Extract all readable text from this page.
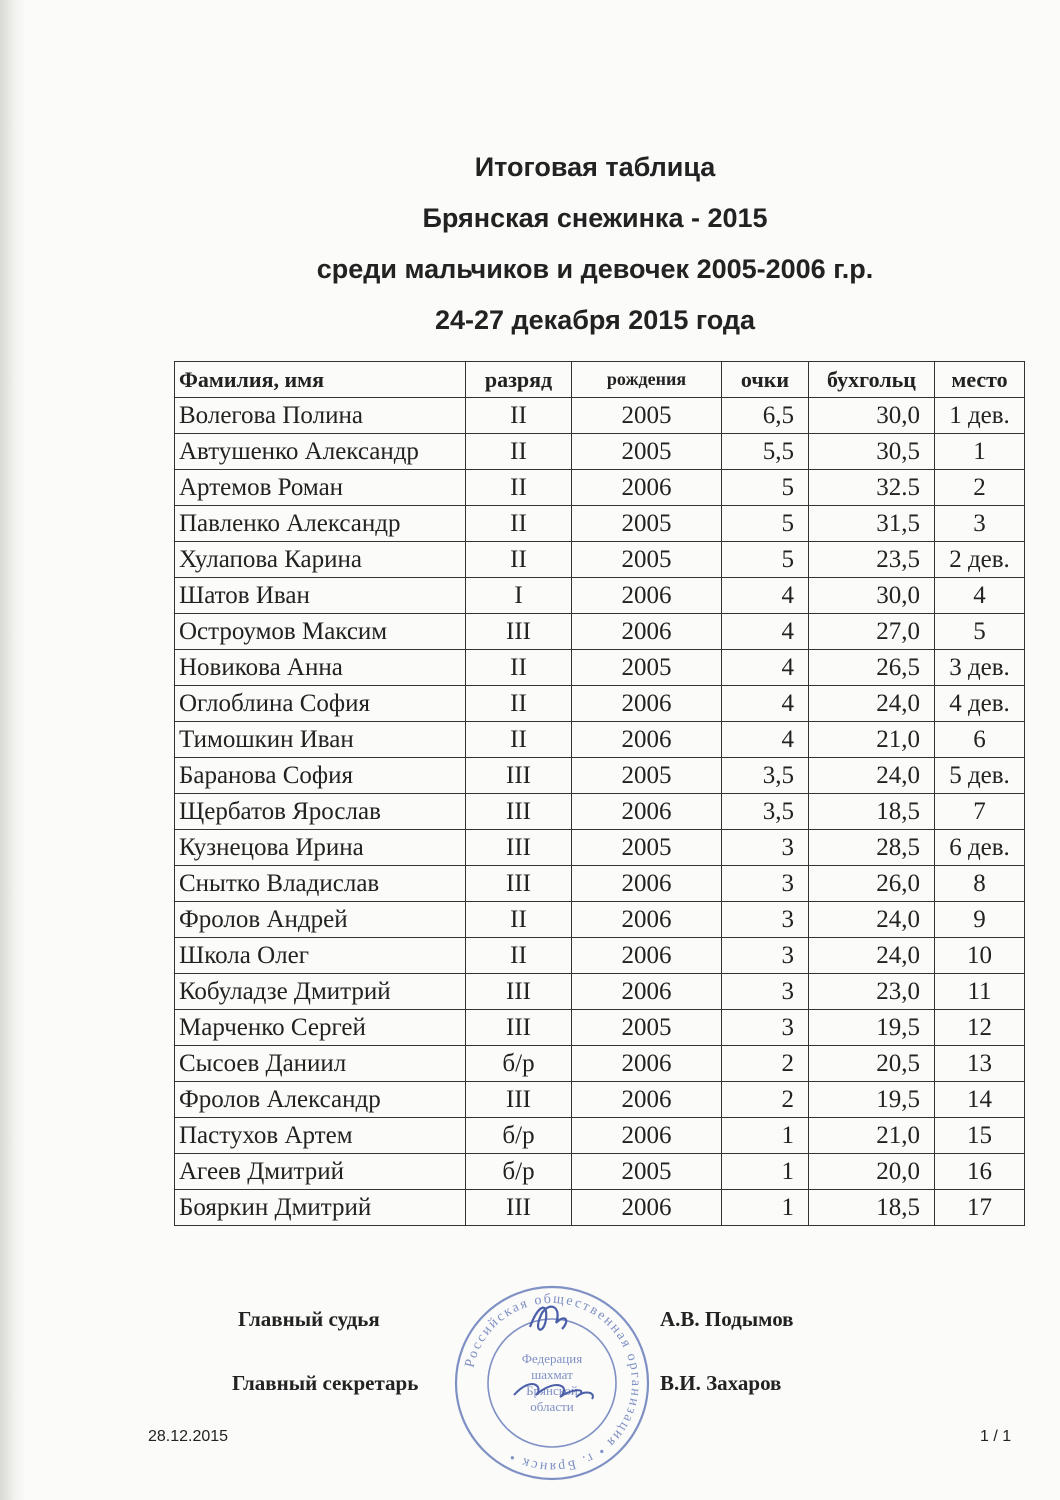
Итоговая таблица
Брянская снежинка - 2015
среди мальчиков и девочек 2005-2006 г.р.
24-27 декабря 2015 года
Фамилия, имя	разряд	рождения	очки	бухгольц	место
Волегова Полина	II	2005	6,5	30,0	1 дев.
Автушенко Александр	II	2005	5,5	30,5	1
Артемов Роман	II	2006	5	32.5	2
Павленко Александр	II	2005	5	31,5	3
Хулапова Карина	II	2005	5	23,5	2 дев.
Шатов Иван	I	2006	4	30,0	4
Остроумов Максим	III	2006	4	27,0	5
Новикова Анна	II	2005	4	26,5	3 дев.
Оглоблина София	II	2006	4	24,0	4 дев.
Тимошкин Иван	II	2006	4	21,0	6
Баранова София	III	2005	3,5	24,0	5 дев.
Щербатов Ярослав	III	2006	3,5	18,5	7
Кузнецова Ирина	III	2005	3	28,5	6 дев.
Снытко Владислав	III	2006	3	26,0	8
Фролов Андрей	II	2006	3	24,0	9
Школа Олег	II	2006	3	24,0	10
Кобуладзе Дмитрий	III	2006	3	23,0	11
Марченко Сергей	III	2005	3	19,5	12
Сысоев Даниил	б/р	2006	2	20,5	13
Фролов Александр	III	2006	2	19,5	14
Пастухов Артем	б/р	2006	1	21,0	15
Агеев Дмитрий	б/р	2005	1	20,0	16
Бояркин Дмитрий	III	2006	1	18,5	17
Главный судья	А.В. Подымов
Главный секретарь	В.И. Захаров
Российская общественная организация • г. Брянск •
Федерация
шахмат
Брянской
области
28.12.2015	1 / 1
